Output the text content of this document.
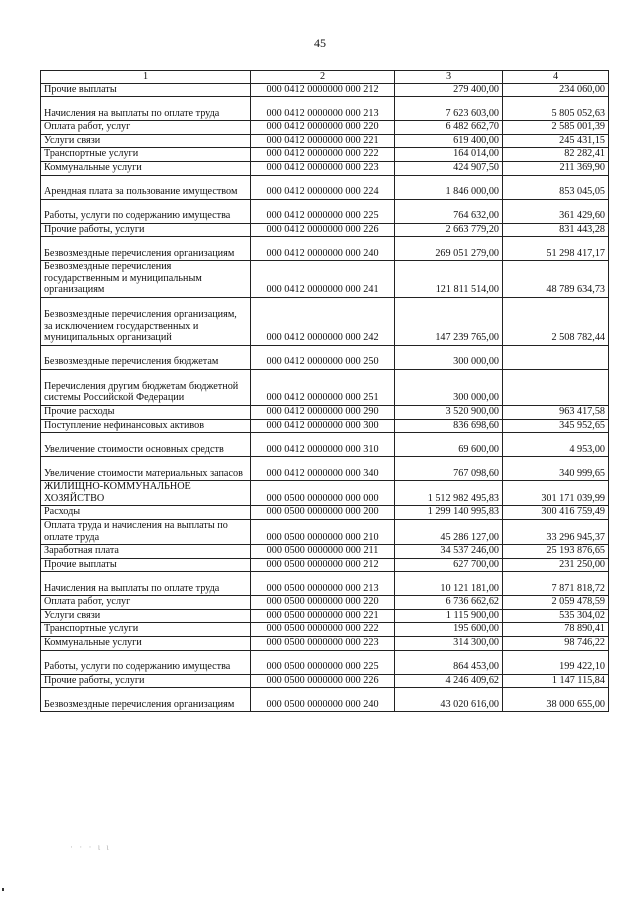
45
1	2	3	4
Прочие выплаты	000 0412 0000000 000 212	279 400,00	234 060,00
Начисления на выплаты по оплате труда	000 0412 0000000 000 213	7 623 603,00	5 805 052,63
Оплата работ, услуг	000 0412 0000000 000 220	6 482 662,70	2 585 001,39
Услуги связи	000 0412 0000000 000 221	619 400,00	245 431,15
Транспортные услуги	000 0412 0000000 000 222	164 014,00	82 282,41
Коммунальные услуги	000 0412 0000000 000 223	424 907,50	211 369,90
Арендная плата за пользование имуществом	000 0412 0000000 000 224	1 846 000,00	853 045,05
Работы, услуги по содержанию имущества	000 0412 0000000 000 225	764 632,00	361 429,60
Прочие работы, услуги	000 0412 0000000 000 226	2 663 779,20	831 443,28
Безвозмездные перечисления организациям	000 0412 0000000 000 240	269 051 279,00	51 298 417,17
Безвозмездные перечисления государственным и муниципальным организациям	000 0412 0000000 000 241	121 811 514,00	48 789 634,73
Безвозмездные перечисления организациям, за исключением государственных и муниципальных организаций	000 0412 0000000 000 242	147 239 765,00	2 508 782,44
Безвозмездные перечисления бюджетам	000 0412 0000000 000 250	300 000,00	
Перечисления другим бюджетам бюджетной системы Российской Федерации	000 0412 0000000 000 251	300 000,00	
Прочие расходы	000 0412 0000000 000 290	3 520 900,00	963 417,58
Поступление нефинансовых активов	000 0412 0000000 000 300	836 698,60	345 952,65
Увеличение стоимости основных средств	000 0412 0000000 000 310	69 600,00	4 953,00
Увеличение стоимости материальных запасов	000 0412 0000000 000 340	767 098,60	340 999,65
ЖИЛИЩНО-КОММУНАЛЬНОЕ ХОЗЯЙСТВО	000 0500 0000000 000 000	1 512 982 495,83	301 171 039,99
Расходы	000 0500 0000000 000 200	1 299 140 995,83	300 416 759,49
Оплата труда и начисления на выплаты по оплате труда	000 0500 0000000 000 210	45 286 127,00	33 296 945,37
Заработная плата	000 0500 0000000 000 211	34 537 246,00	25 193 876,65
Прочие выплаты	000 0500 0000000 000 212	627 700,00	231 250,00
Начисления на выплаты по оплате труда	000 0500 0000000 000 213	10 121 181,00	7 871 818,72
Оплата работ, услуг	000 0500 0000000 000 220	6 736 662,62	2 059 478,59
Услуги связи	000 0500 0000000 000 221	1 115 900,00	535 304,02
Транспортные услуги	000 0500 0000000 000 222	195 600,00	78 890,41
Коммунальные услуги	000 0500 0000000 000 223	314 300,00	98 746,22
Работы, услуги по содержанию имущества	000 0500 0000000 000 225	864 453,00	199 422,10
Прочие работы, услуги	000 0500 0000000 000 226	4 246 409,62	1 147 115,84
Безвозмездные перечисления организациям	000 0500 0000000 000 240	43 020 616,00	38 000 655,00
· · · ι ι
